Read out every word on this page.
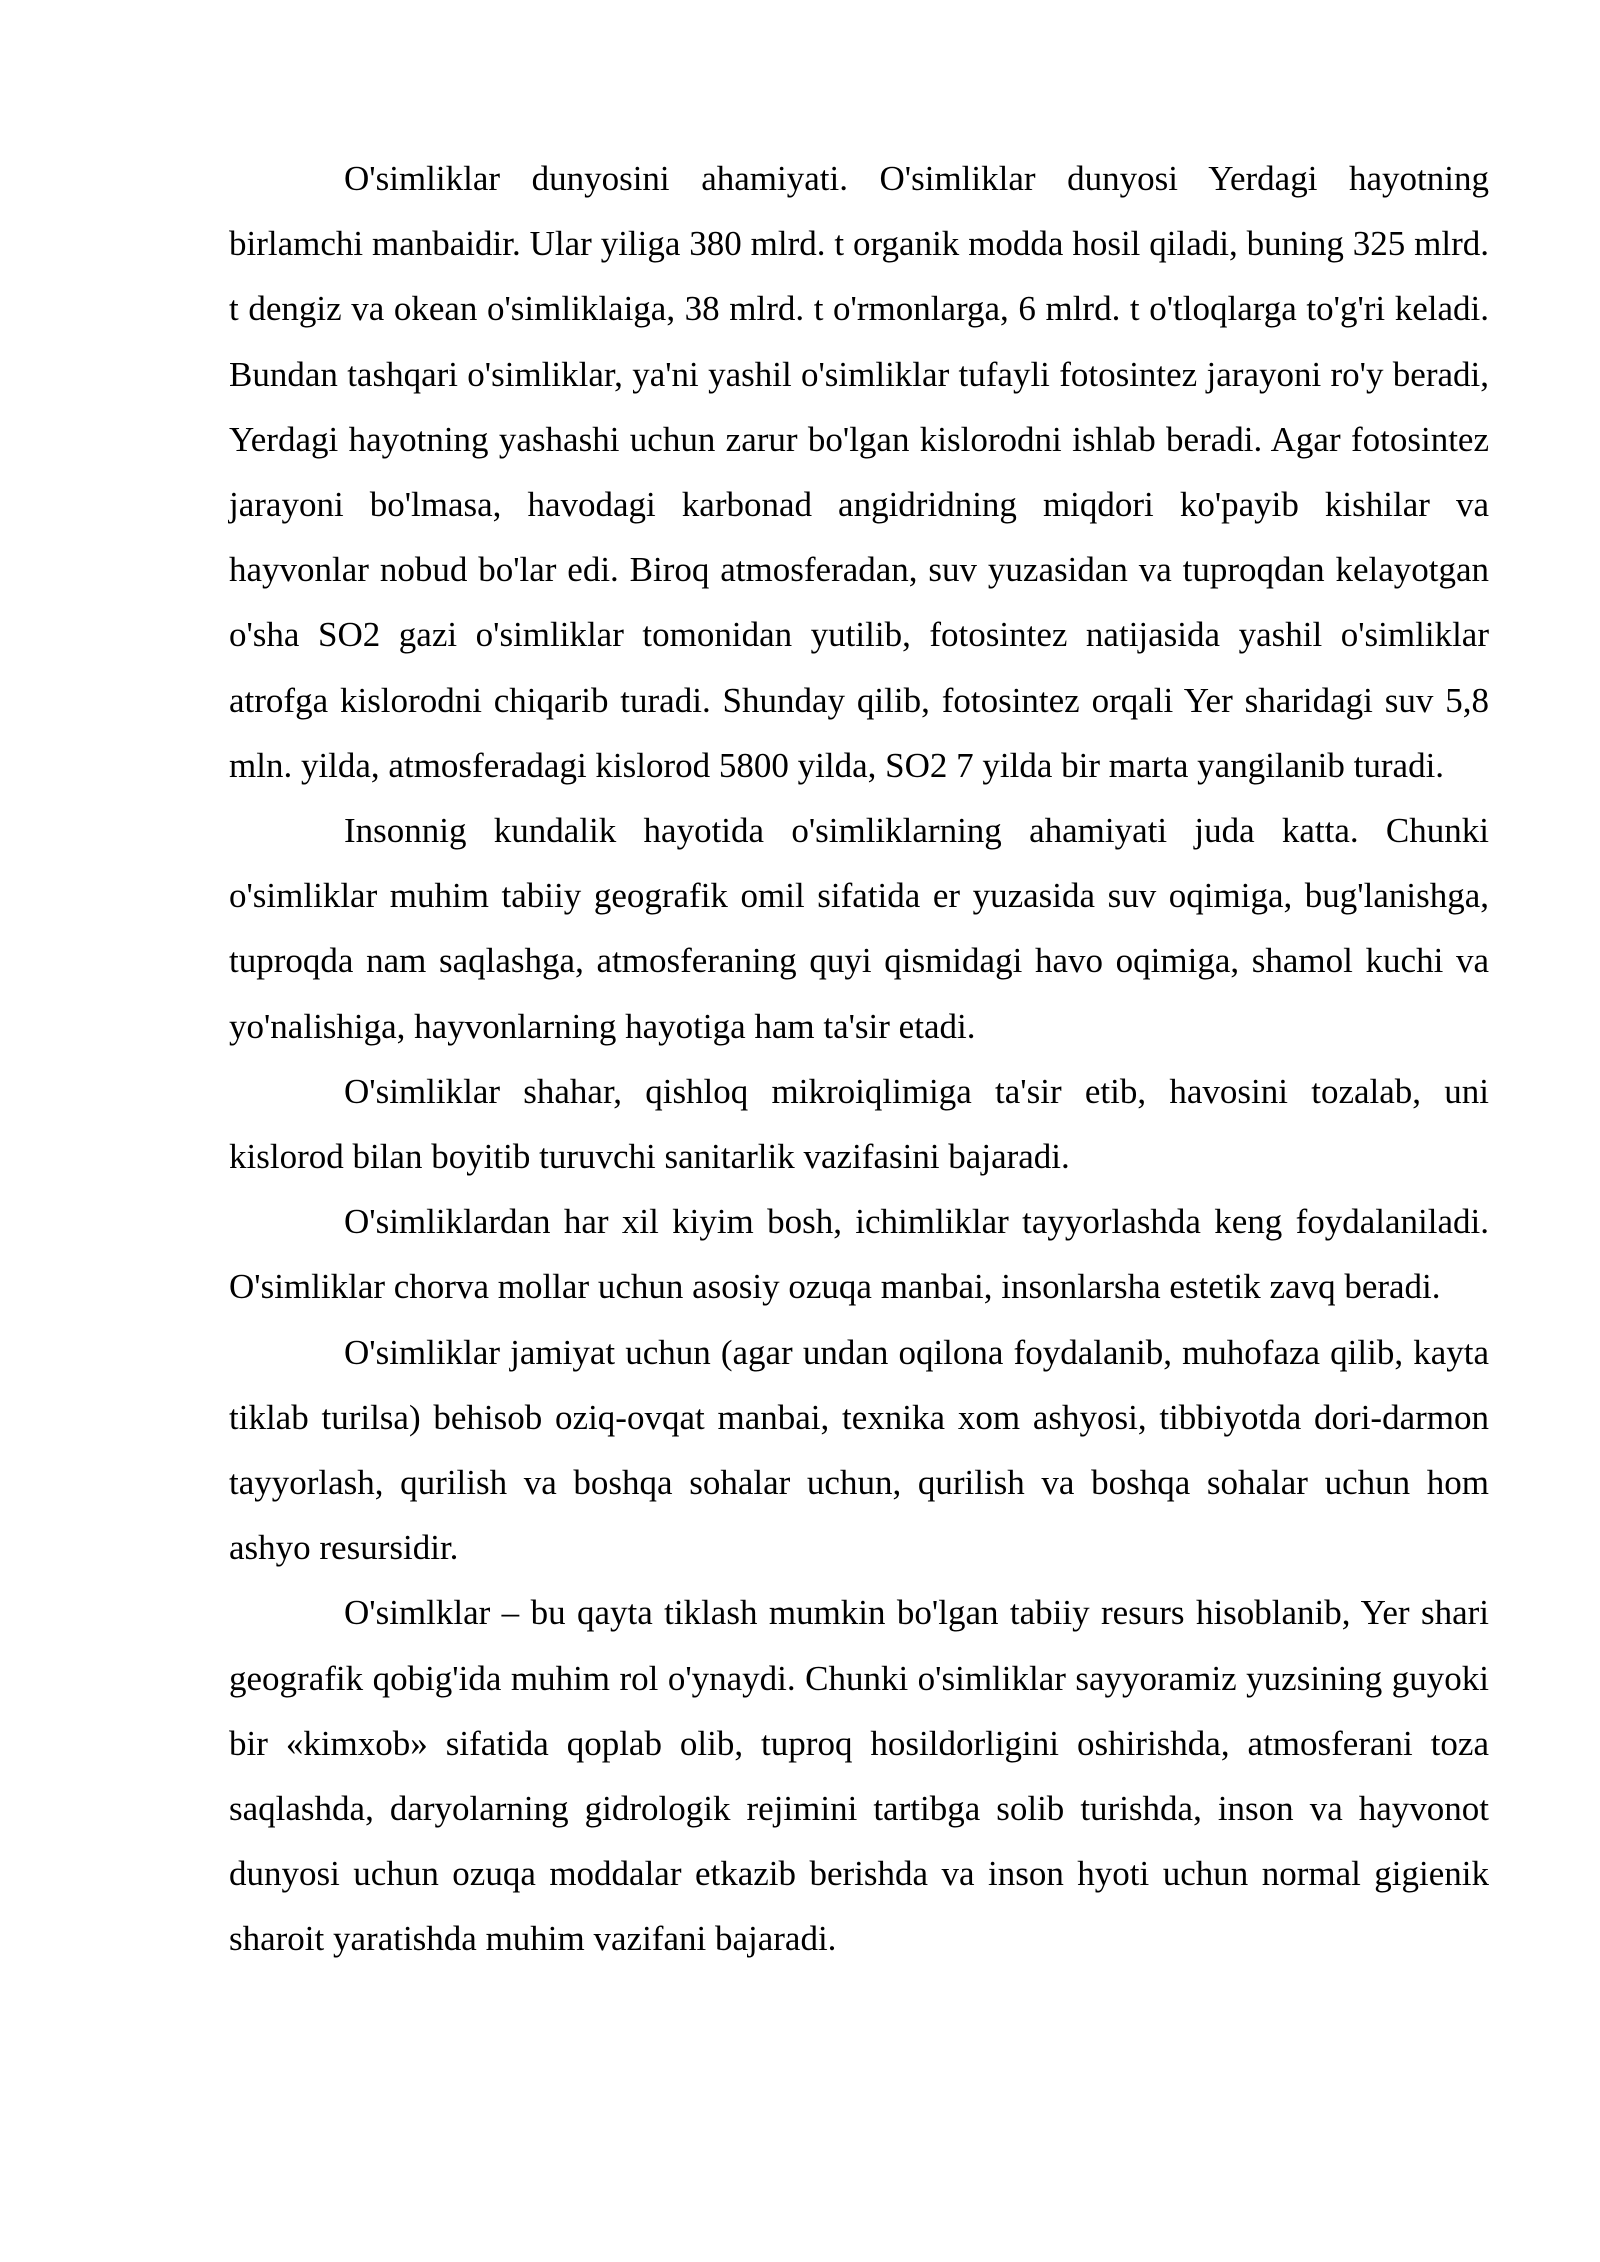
O'simliklar dunyosini ahamiyati. O'simliklar dunyosi Yerdagi hayotning birlamchi manbaidir. Ular yiliga 380 mlrd. t organik modda hosil qiladi, buning 325 mlrd. t dengiz va okean o'simliklaiga, 38 mlrd. t o'rmonlarga, 6 mlrd. t o'tloqlarga to'g'ri keladi. Bundan tashqari o'simliklar, ya'ni yashil o'simliklar tufayli fotosintez jarayoni ro'y beradi, Yerdagi hayotning yashashi uchun zarur bo'lgan kislorodni ishlab beradi. Agar fotosintez jarayoni bo'lmasa, havodagi karbonad angidridning miqdori ko'payib kishilar va hayvonlar nobud bo'lar edi. Biroq atmosferadan, suv yuzasidan va tuproqdan kelayotgan o'sha SO2 gazi o'simliklar tomonidan yutilib, fotosintez natijasida yashil o'simliklar atrofga kislorodni chiqarib turadi. Shunday qilib, fotosintez orqali Yer sharidagi suv 5,8 mln. yilda, atmosferadagi kislorod 5800 yilda, SO2 7 yilda bir marta yangilanib turadi.

Insonnig kundalik hayotida o'simliklarning ahamiyati juda katta. Chunki o'simliklar muhim tabiiy geografik omil sifatida er yuzasida suv oqimiga, bug'lanishga, tuproqda nam saqlashga, atmosferaning quyi qismidagi havo oqimiga, shamol kuchi va yo'nalishiga, hayvonlarning hayotiga ham ta'sir etadi.

O'simliklar shahar, qishloq mikroiqlimiga ta'sir etib, havosini tozalab, uni kislorod bilan boyitib turuvchi sanitarlik vazifasini bajaradi.

O'simliklardan har xil kiyim bosh, ichimliklar tayyorlashda keng foydalaniladi. O'simliklar chorva mollar uchun asosiy ozuqa manbai, insonlarsha estetik zavq beradi.

O'simliklar jamiyat uchun (agar undan oqilona foydalanib, muhofaza qilib, kayta tiklab turilsa) behisob oziq-ovqat manbai, texnika xom ashyosi, tibbiyotda dori-darmon tayyorlash, qurilish va boshqa sohalar uchun, qurilish va boshqa sohalar uchun hom ashyo resursidir.

O'simlklar – bu qayta tiklash mumkin bo'lgan tabiiy resurs hisoblanib, Yer shari geografik qobig'ida muhim rol o'ynaydi. Chunki o'simliklar sayyoramiz yuzsining guyoki bir «kimxob» sifatida qoplab olib, tuproq hosildorligini oshirishda, atmosferani toza saqlashda, daryolarning gidrologik rejimini tartibga solib turishda, inson va hayvonot dunyosi uchun ozuqa moddalar etkazib berishda va inson hyoti uchun normal gigienik sharoit yaratishda muhim vazifani bajaradi.
